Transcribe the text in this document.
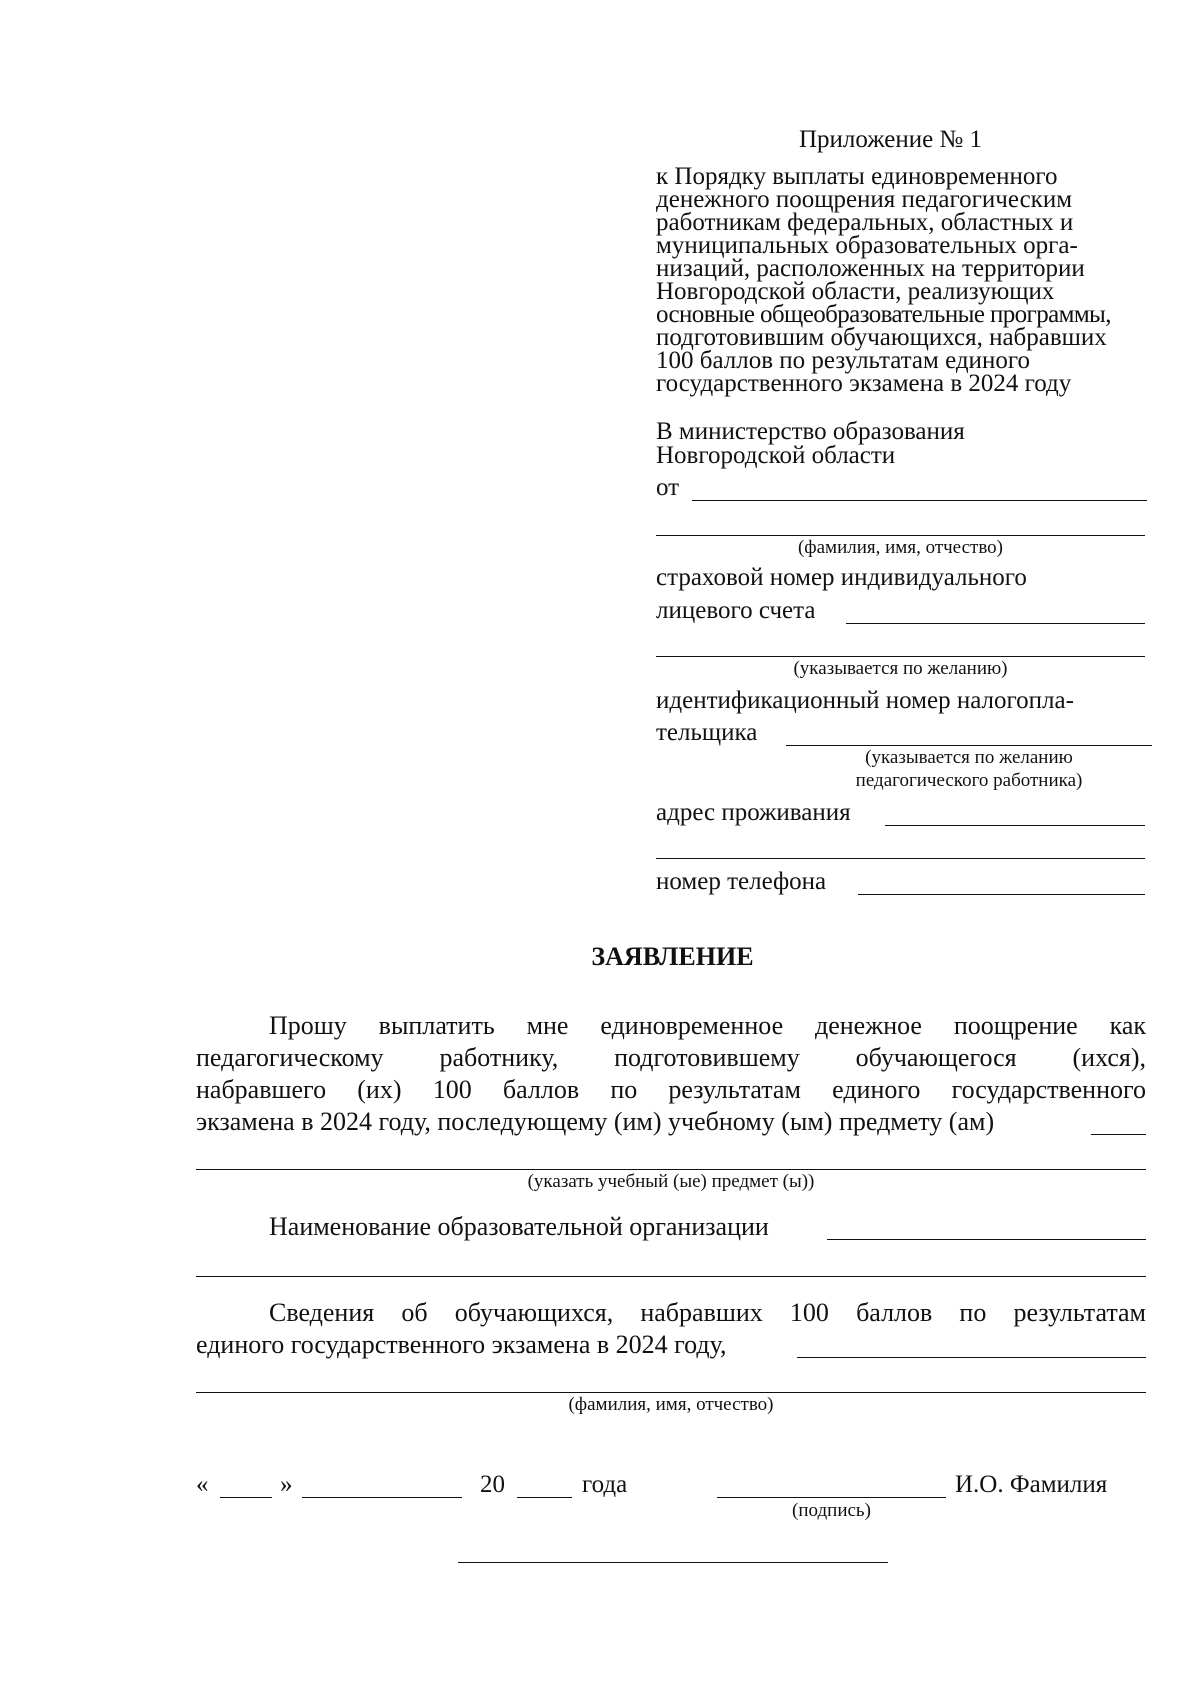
Приложение № 1
к Порядку выплаты единовременного
денежного поощрения педагогическим
работникам федеральных, областных и
муниципальных образовательных орга-
низаций, расположенных на территории
Новгородской области, реализующих
основные общеобразовательные программы,
подготовившим обучающихся, набравших
100 баллов по результатам единого
государственного экзамена в 2024 году
В министерство образования
Новгородской области
от
(фамилия, имя, отчество)
страховой номер индивидуального
лицевого счета
(указывается по желанию)
идентификационный номер налогопла-
тельщика
(указывается по желанию
педагогического работника)
адрес проживания
номер телефона
ЗАЯВЛЕНИЕ
Прошу выплатить мне единовременное денежное поощрение как
педагогическому работнику, подготовившему обучающегося (ихся),
набравшего (их) 100 баллов по результатам единого государственного
экзамена в 2024 году, последующему (им) учебному (ым) предмету (ам)
(указать учебный (ые) предмет (ы))
Наименование образовательной организации
Сведения об обучающихся, набравших 100 баллов по результатам
единого государственного экзамена в 2024 году,
(фамилия, имя, отчество)
«	»	20	года	И.О. Фамилия
(подпись)
